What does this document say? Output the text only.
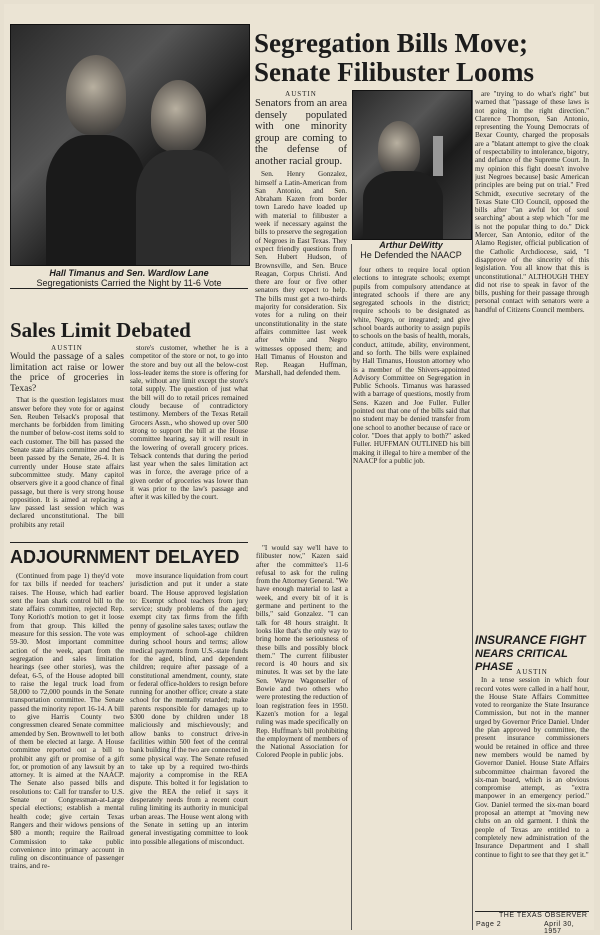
Hall Timanus and Sen. Wardlow Lane
Segregationists Carried the Night by 11-6 Vote
Segregation Bills Move;
Senate Filibuster Looms
AUSTIN
Senators from an area densely populated with one minority group are coming to the defense of another racial group.

Sen. Henry Gonzalez, himself a Latin-American from San Antonio, and Sen. Abraham Kazen from border town Laredo have loaded up with material to filibuster a week if necessary against the bills to preserve the segregation of Negroes in East Texas. They expect friendly questions from Sen. Hubert Hudson, of Brownsville, and Sen. Bruce Reagan, Corpus Christi. And there are four or five other senators they expect to help. The bills must get a two-thirds majority for consideration. Six votes for a ruling on their unconstitutionality in the state affairs committee last week after white and Negro witnesses opposed them; and Hall Timanus of Houston and Rep. Reagan Huffman, Marshall, had defended them.

Arthur DeWitty
He Defended the NAACP

"I would say we'll have to filibuster now," Kazen said after the committee's 11-6 refusal to ask for the ruling from the Attorney General. "We have enough material to last a week, and every bit of it is germane and pertinent to the bills," said Gonzalez. "I can talk for 48 hours straight. It looks like that's the only way to bring home the seriousness of these bills and possibly block them." The current filibuster record is 40 hours and six minutes. It was set by the late Sen. Wayne Wagonseller of Bowie and two others who were protesting the reduction of loan registration fees in 1950. Kazen's motion for a legal ruling was made specifically on Rep. Huffman's bill prohibiting the employment of members of the National Association for Colored People in public jobs.

four others to require local option elections to integrate schools; exempt pupils from compulsory attendance at integrated schools if there are any segregated schools in the district; require schools to be designated as white, Negro, or integrated; and give school boards authority to assign pupils to schools on the basis of health, morals, conduct, attitude, ability, environment, and so forth. The bills were explained by Hall Timanus, Houston attorney who is a member of the Shivers-appointed Advisory Committee on Segregation in Public Schools. Timanus was harassed with a barrage of questions, mostly from Sens. Kazen and Joe Fuller. Fuller pointed out that one of the bills said that no student may be denied transfer from one school to another because of race or color. "Does that apply to both?" asked Fuller. HUFFMAN OUTLINED his bill making it illegal to hire a member of the NAACP for a public job.

are "trying to do what's right" but warned that "passage of these laws is not going in the right direction." Clarence Thompson, San Antonio, representing the Young Democrats of Bexar County, charged the proposals are a "blatant attempt to give the cloak of respectability to intolerance, bigotry, and defiance of the Supreme Court. In my opinion this fight doesn't involve just Negroes because] basic American principles are being put on trial." Fred Schmidt, executive secretary of the Texas State CIO Council, opposed the bills after "an awful lot of soul searching" about a step which "for me is not the popular thing to do." Dick Mercer, San Antonio, editor of the Alamo Register, official publication of the Catholic Archdiocese, said, "I disapprove of the sincerity of this legislation. You all know that this is unconstitutional." ALTHOUGH THEY did not rise to speak in favor of the bills, pushing for their passage through personal contact with senators were a handful of Citizens Council members.

Sales Limit Debated
AUSTIN
Would the passage of a sales limitation act raise or lower the price of groceries in Texas?

That is the question legislators must answer before they vote for or against Sen. Reuben Telsack's proposal that merchants be forbidden from limiting the number of below-cost items sold to each customer. The bill has passed the Senate state affairs committee and then been passed by the Senate, 26-4. It is currently under House state affairs subcommittee study. Many capitol observers give it a good chance of final passage, but there is very strong house opposition. It is aimed at replacing a law passed last session which was declared unconstitutional. The bill prohibits any retail

store's customer, whether he is a competitor of the store or not, to go into the store and buy out all the below-cost loss-leader items the store is offering for sale, without any limit except the store's total supply. The question of just what the bill will do to retail prices remained cloudy because of contradictory testimony. Members of the Texas Retail Grocers Assn., who showed up over 500 strong to support the bill at the House committee hearing, say it will result in the lowering of overall grocery prices. Telsack contends that during the period last year when the sales limitation act was in force, the average price of a given order of groceries was lower than it was prior to the law's passage and after it was killed by the court.

ADJOURNMENT DELAYED

(Continued from page 1) they'd vote for tax bills if needed for teachers' raises. The House, which had earlier sent the loan shark control bill to the state affairs committee, rejected Rep. Tony Korioth's motion to get it loose from that group. This killed the measure for this session. The vote was 59-30. Most important committee action of the week, apart from the segregation and sales limitation hearings (see other stories), was the defeat, 6-5, of the House adopted bill to raise the legal truck load from 58,000 to 72,000 pounds in the Senate transportation committee. The Senate passed the minority report 16-14. A bill to give Harris County two congressmen cleared Senate committee amended by Sen. Brownwell to let both of them be elected at large. A House committee reported out a bill to prohibit any gift or promise of a gift for, or promotion of any lawsuit by an attorney. It is aimed at the NAACP. The Senate also passed bills and resolutions to: Call for transfer to U.S. Senate or Congressman-at-Large special elections; establish a mental health code; give certain Texas Rangers and their widows pensions of $80 a month; require the Railroad Commission to take public convenience into primary account in ruling on discontinuance of passenger trains, and re-

move insurance liquidation from court jurisdiction and put it under a state board. The House approved legislation to: Exempt school teachers from jury service; study problems of the aged; exempt city tax firms from the fifth penny of gasoline sales taxes; outlaw the employment of school-age children during school hours and terms; allow medical payments from U.S.-state funds for the aged, blind, and dependent children; require after passage of a constitutional amendment, county, state or federal office-holders to resign before running for another office; create a state school for the mentally retarded; make parents responsible for damages up to $300 done by children under 18 maliciously and mischievously; and allow banks to construct drive-in facilities within 500 feet of the central bank building if the two are connected in some physical way. The Senate refused to take up by a required two-thirds majority a compromise in the REA dispute. This bolted it for legislation to give the REA the relief it says it desperately needs from a recent court ruling limiting its authority in municipal urban areas. The House went along with the Senate in setting up an interim general investigating committee to look into possible allegations of misconduct.

INSURANCE FIGHT
NEARS CRITICAL PHASE AUSTIN

In a tense session in which four record votes were called in a half hour, the House State Affairs Committee voted to reorganize the State Insurance Commission, but not in the manner urged by Governor Price Daniel. Under the plan approved by committee, the present insurance commissioners would be retained in office and three new members would be named by Governor Daniel. House State Affairs subcommittee chairman favored the six-man board, which is an obvious compromise attempt, as "extra manpower in an emergency period." Gov. Daniel termed the six-man board proposal an attempt at "moving new clubs on an old garment. I think the people of Texas are entitled to a completely new administration of the Insurance Department and I shall continue to fight to see that they get it."

THE TEXAS OBSERVER
Page 2	April 30, 1957
